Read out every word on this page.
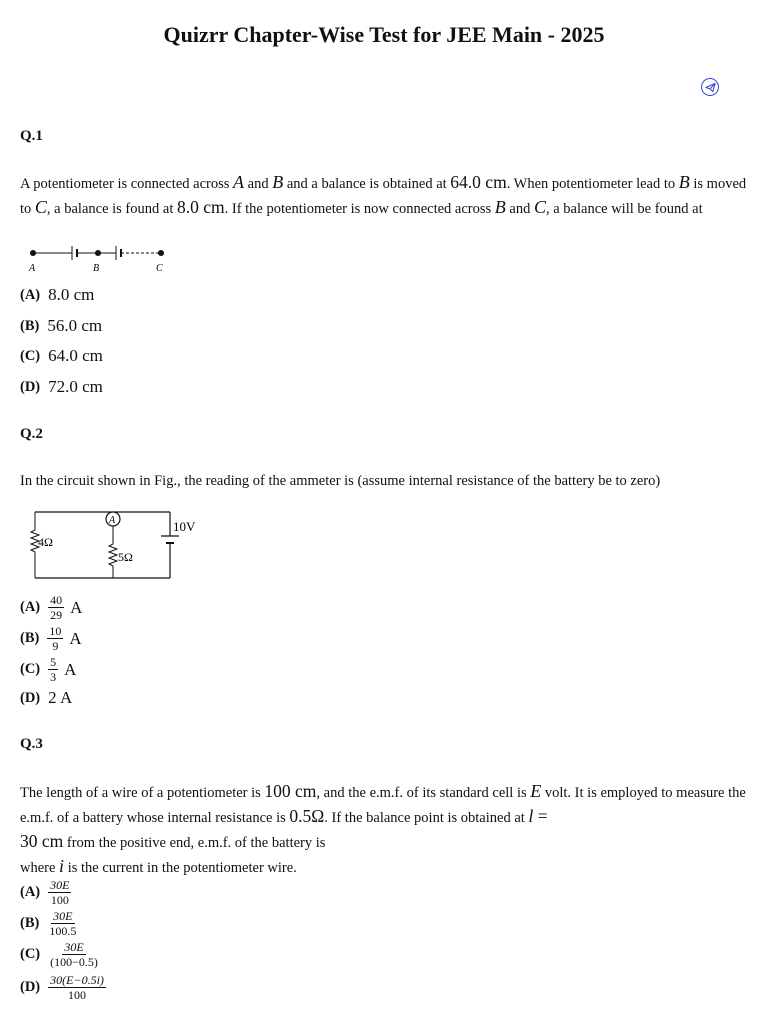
Quizrr Chapter-Wise Test for JEE Main - 2025
Q.1
A potentiometer is connected across A and B and a balance is obtained at 64.0 cm. When potentiometer lead to B is moved to C, a balance is found at 8.0 cm. If the potentiometer is now connected across B and C, a balance will be found at
A	B	C
(A) 8.0 cm
(B) 56.0 cm
(C) 64.0 cm
(D) 72.0 cm
Q.2
In the circuit shown in Fig., the reading of the ammeter is (assume internal resistance of the battery be to zero)
4Ω
A
5Ω
10V
$(A) \frac{40}{29}$ A
$(B) \frac{10}{9}$ A
$(C) \frac{5}{3}$ A
(D) 2 A
Q.3
The length of a wire of a potentiometer is 100 cm, and the e.m.f. of its standard cell is E volt. It is employed to measure the e.m.f. of a battery whose internal resistance is 0.5Ω. If the balance point is obtained at l =
30 cm from the positive end, e.m.f. of the battery is
where i is the current in the potentiometer wire.
$(A) \frac{30E}{100}$
$(B) \frac{30E}{100.5}$
$(C) \frac{30E}{(100-0.5)}$
$(D) \frac{30(E-0.5i)}{100}$
